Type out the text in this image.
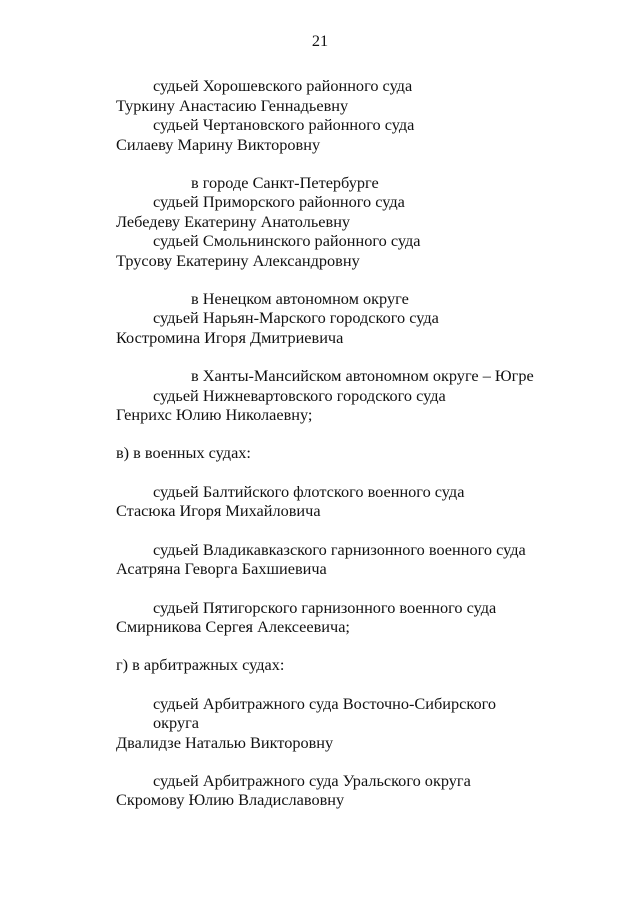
21
судьей Хорошевского районного суда
Туркину Анастасию Геннадьевну
судьей Чертановского районного суда
Силаеву Марину Викторовну
в городе Санкт-Петербурге
судьей Приморского районного суда
Лебедеву Екатерину Анатольевну
судьей Смольнинского районного суда
Трусову Екатерину Александровну
в Ненецком автономном округе
судьей Нарьян-Марского городского суда
Костромина Игоря Дмитриевича
в Ханты-Мансийском автономном округе – Югре
судьей Нижневартовского городского суда
Генрихс Юлию Николаевну;
в) в военных судах:
судьей Балтийского флотского военного суда
Стасюка Игоря Михайловича
судьей Владикавказского гарнизонного военного суда
Асатряна Геворга Бахшиевича
судьей Пятигорского гарнизонного военного суда
Смирникова Сергея Алексеевича;
г) в арбитражных судах:
судьей Арбитражного суда Восточно-Сибирского
округа
Двалидзе Наталью Викторовну
судьей Арбитражного суда Уральского округа
Скромову Юлию Владиславовну
